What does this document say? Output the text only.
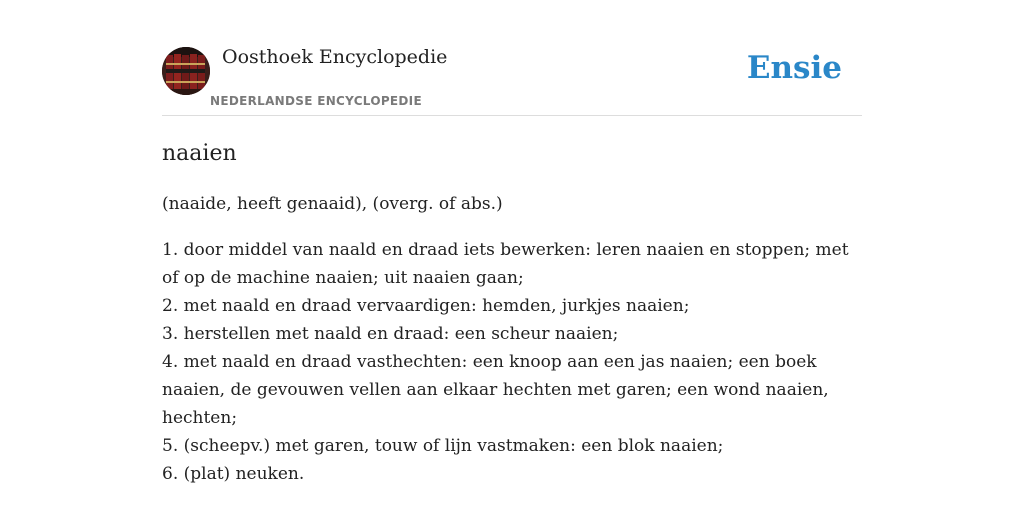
Oosthoek Encyclopedie
NEDERLANDSE ENCYCLOPEDIE
Ensie
naaien

(naaide, heeft genaaid), (overg. of abs.)

1. door middel van naald en draad iets bewerken: leren naaien en stoppen; met of op de machine naaien; uit naaien gaan;
2. met naald en draad vervaardigen: hemden, jurkjes naaien;
3. herstellen met naald en draad: een scheur naaien;
4. met naald en draad vasthechten: een knoop aan een jas naaien; een boek naaien, de gevouwen vellen aan elkaar hechten met garen; een wond naaien, hechten;
5. (scheepv.) met garen, touw of lijn vastmaken: een blok naaien;
6. (plat) neuken.
